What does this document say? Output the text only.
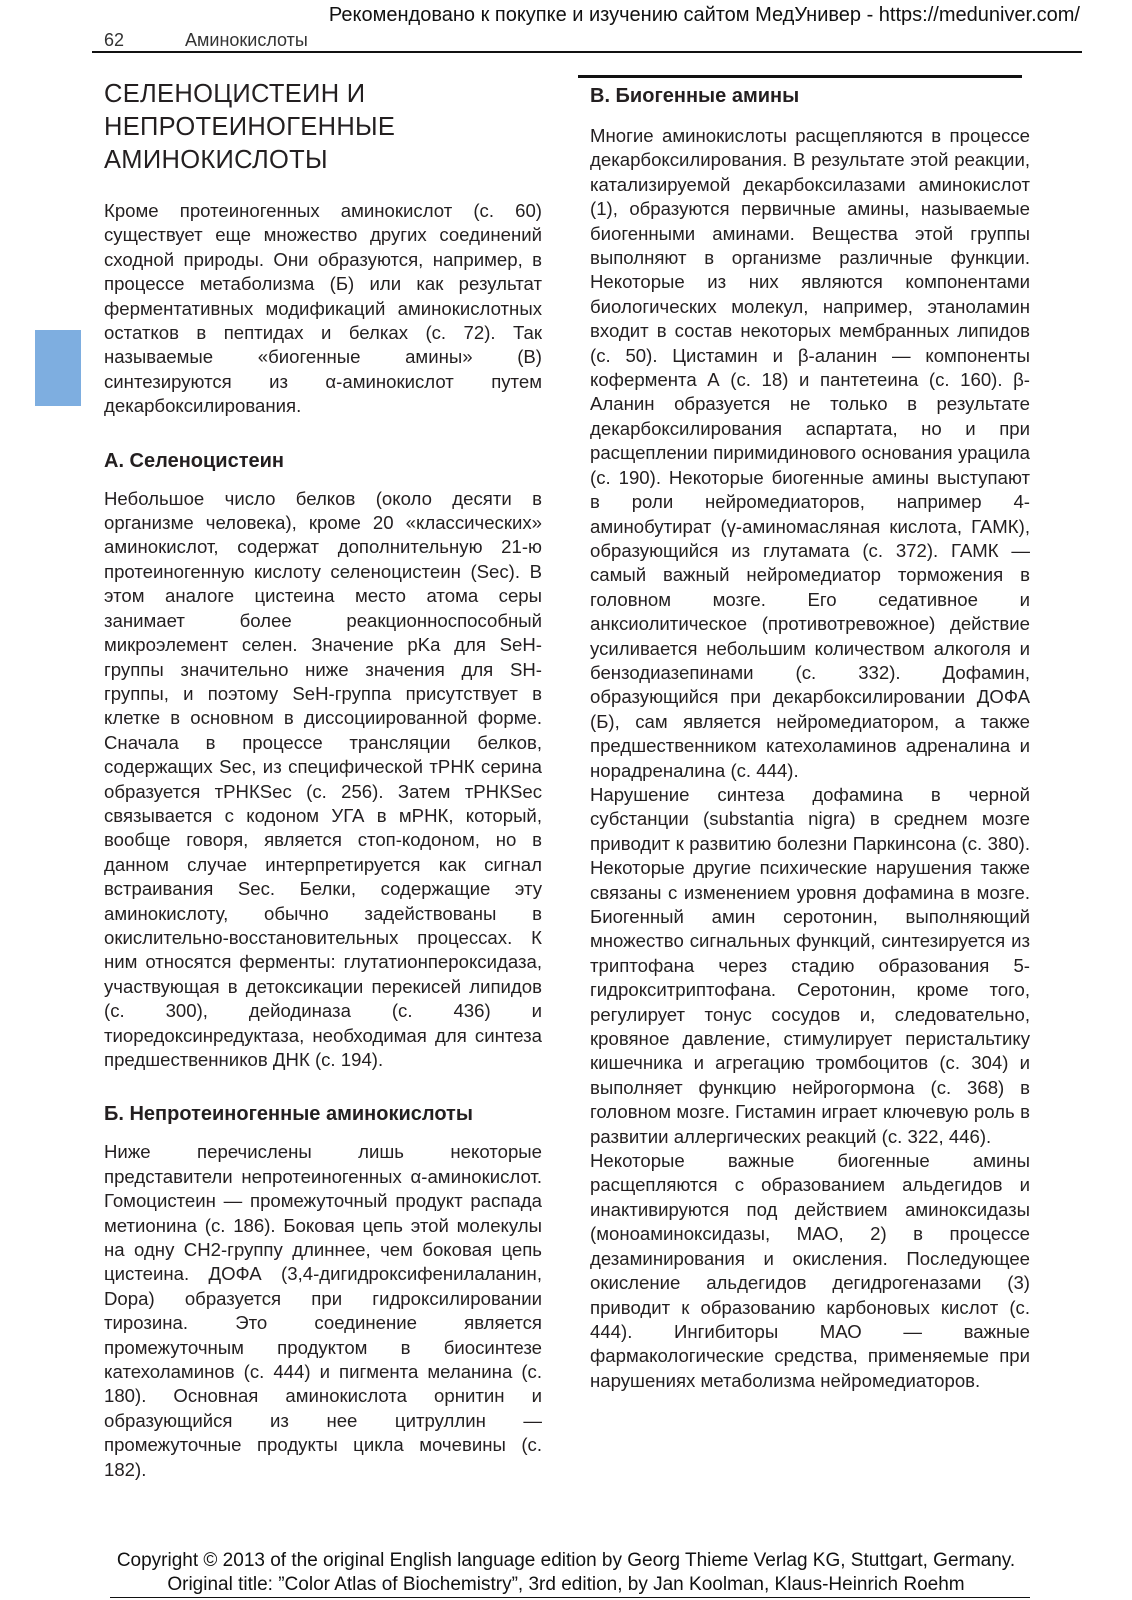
Рекомендовано к покупке и изучению сайтом МедУнивер - https://meduniver.com/
62	Аминокислоты
СЕЛЕНОЦИСТЕИН И НЕПРОТЕИНОГЕННЫЕ АМИНОКИСЛОТЫ

Кроме протеиногенных аминокислот (с. 60) существует еще множество других соединений сходной природы. Они образуются, например, в процессе метаболизма (Б) или как результат ферментативных модификаций аминокислотных остатков в пептидах и белках (с. 72). Так называемые «биогенные амины» (В) синтезируются из α-аминокислот путем декарбоксилирования.

А. Селеноцистеин

Небольшое число белков (около десяти в организме человека), кроме 20 «классических» аминокислот, содержат дополнительную 21-ю протеиногенную кислоту селеноцистеин (Sec). В этом аналоге цистеина место атома серы занимает более реакционноспособный микроэлемент селен. Значение pKa для SeH-группы значительно ниже значения для SH-группы, и поэтому SeH-группа присутствует в клетке в основном в диссоциированной форме. Сначала в процессе трансляции белков, содержащих Sec, из специфической тРНК серина образуется тРНКSec (с. 256). Затем тРНКSec связывается с кодоном УГА в мРНК, который, вообще говоря, является стоп-кодоном, но в данном случае интерпретируется как сигнал встраивания Sec. Белки, содержащие эту аминокислоту, обычно задействованы в окислительно-восстановительных процессах. К ним относятся ферменты: глутатионпероксидаза, участвующая в детоксикации перекисей липидов (с. 300), дейодиназа (с. 436) и тиоредоксинредуктаза, необходимая для синтеза предшественников ДНК (с. 194).

Б. Непротеиногенные аминокислоты

Ниже перечислены лишь некоторые представители непротеиногенных α-аминокислот. Гомоцистеин — промежуточный продукт распада метионина (с. 186). Боковая цепь этой молекулы на одну CH2-группу длиннее, чем боковая цепь цистеина. ДОФА (3,4-дигидроксифенилаланин, Dopa) образуется при гидроксилировании тирозина. Это соединение является промежуточным продуктом в биосинтезе катехоламинов (с. 444) и пигмента меланина (с. 180). Основная аминокислота орнитин и образующийся из нее цитруллин — промежуточные продукты цикла мочевины (с. 182).

В. Биогенные амины

Многие аминокислоты расщепляются в процессе декарбоксилирования. В результате этой реакции, катализируемой декарбоксилазами аминокислот (1), образуются первичные амины, называемые биогенными аминами. Вещества этой группы выполняют в организме различные функции. Некоторые из них являются компонентами биологических молекул, например, этаноламин входит в состав некоторых мембранных липидов (с. 50). Цистамин и β-аланин — компоненты кофермента А (с. 18) и пантетеина (с. 160). β-Аланин образуется не только в результате декарбоксилирования аспартата, но и при расщеплении пиримидинового основания урацила (с. 190). Некоторые биогенные амины выступают в роли нейромедиаторов, например 4-аминобутират (γ-аминомасляная кислота, ГАМК), образующийся из глутамата (с. 372). ГАМК — самый важный нейромедиатор торможения в головном мозге. Его седативное и анксиолитическое (противотревожное) действие усиливается небольшим количеством алкоголя и бензодиазепинами (с. 332). Дофамин, образующийся при декарбоксилировании ДОФА (Б), сам является нейромедиатором, а также предшественником катехоламинов адреналина и норадреналина (с. 444).

Нарушение синтеза дофамина в черной субстанции (substantia nigra) в среднем мозге приводит к развитию болезни Паркинсона (с. 380). Некоторые другие психические нарушения также связаны с изменением уровня дофамина в мозге. Биогенный амин серотонин, выполняющий множество сигнальных функций, синтезируется из триптофана через стадию образования 5-гидрокситриптофана. Серотонин, кроме того, регулирует тонус сосудов и, следовательно, кровяное давление, стимулирует перистальтику кишечника и агрегацию тромбоцитов (с. 304) и выполняет функцию нейрогормона (с. 368) в головном мозге. Гистамин играет ключевую роль в развитии аллергических реакций (с. 322, 446).

Некоторые важные биогенные амины расщепляются с образованием альдегидов и инактивируются под действием аминоксидазы (моноаминоксидазы, МАО, 2) в процессе дезаминирования и окисления. Последующее окисление альдегидов дегидрогеназами (3) приводит к образованию карбоновых кислот (с. 444). Ингибиторы МАО — важные фармакологические средства, применяемые при нарушениях метаболизма нейромедиаторов.

Copyright © 2013 of the original English language edition by Georg Thieme Verlag KG, Stuttgart, Germany.
Original title: ”Color Atlas of Biochemistry”, 3rd edition, by Jan Koolman, Klaus-Heinrich Roehm
